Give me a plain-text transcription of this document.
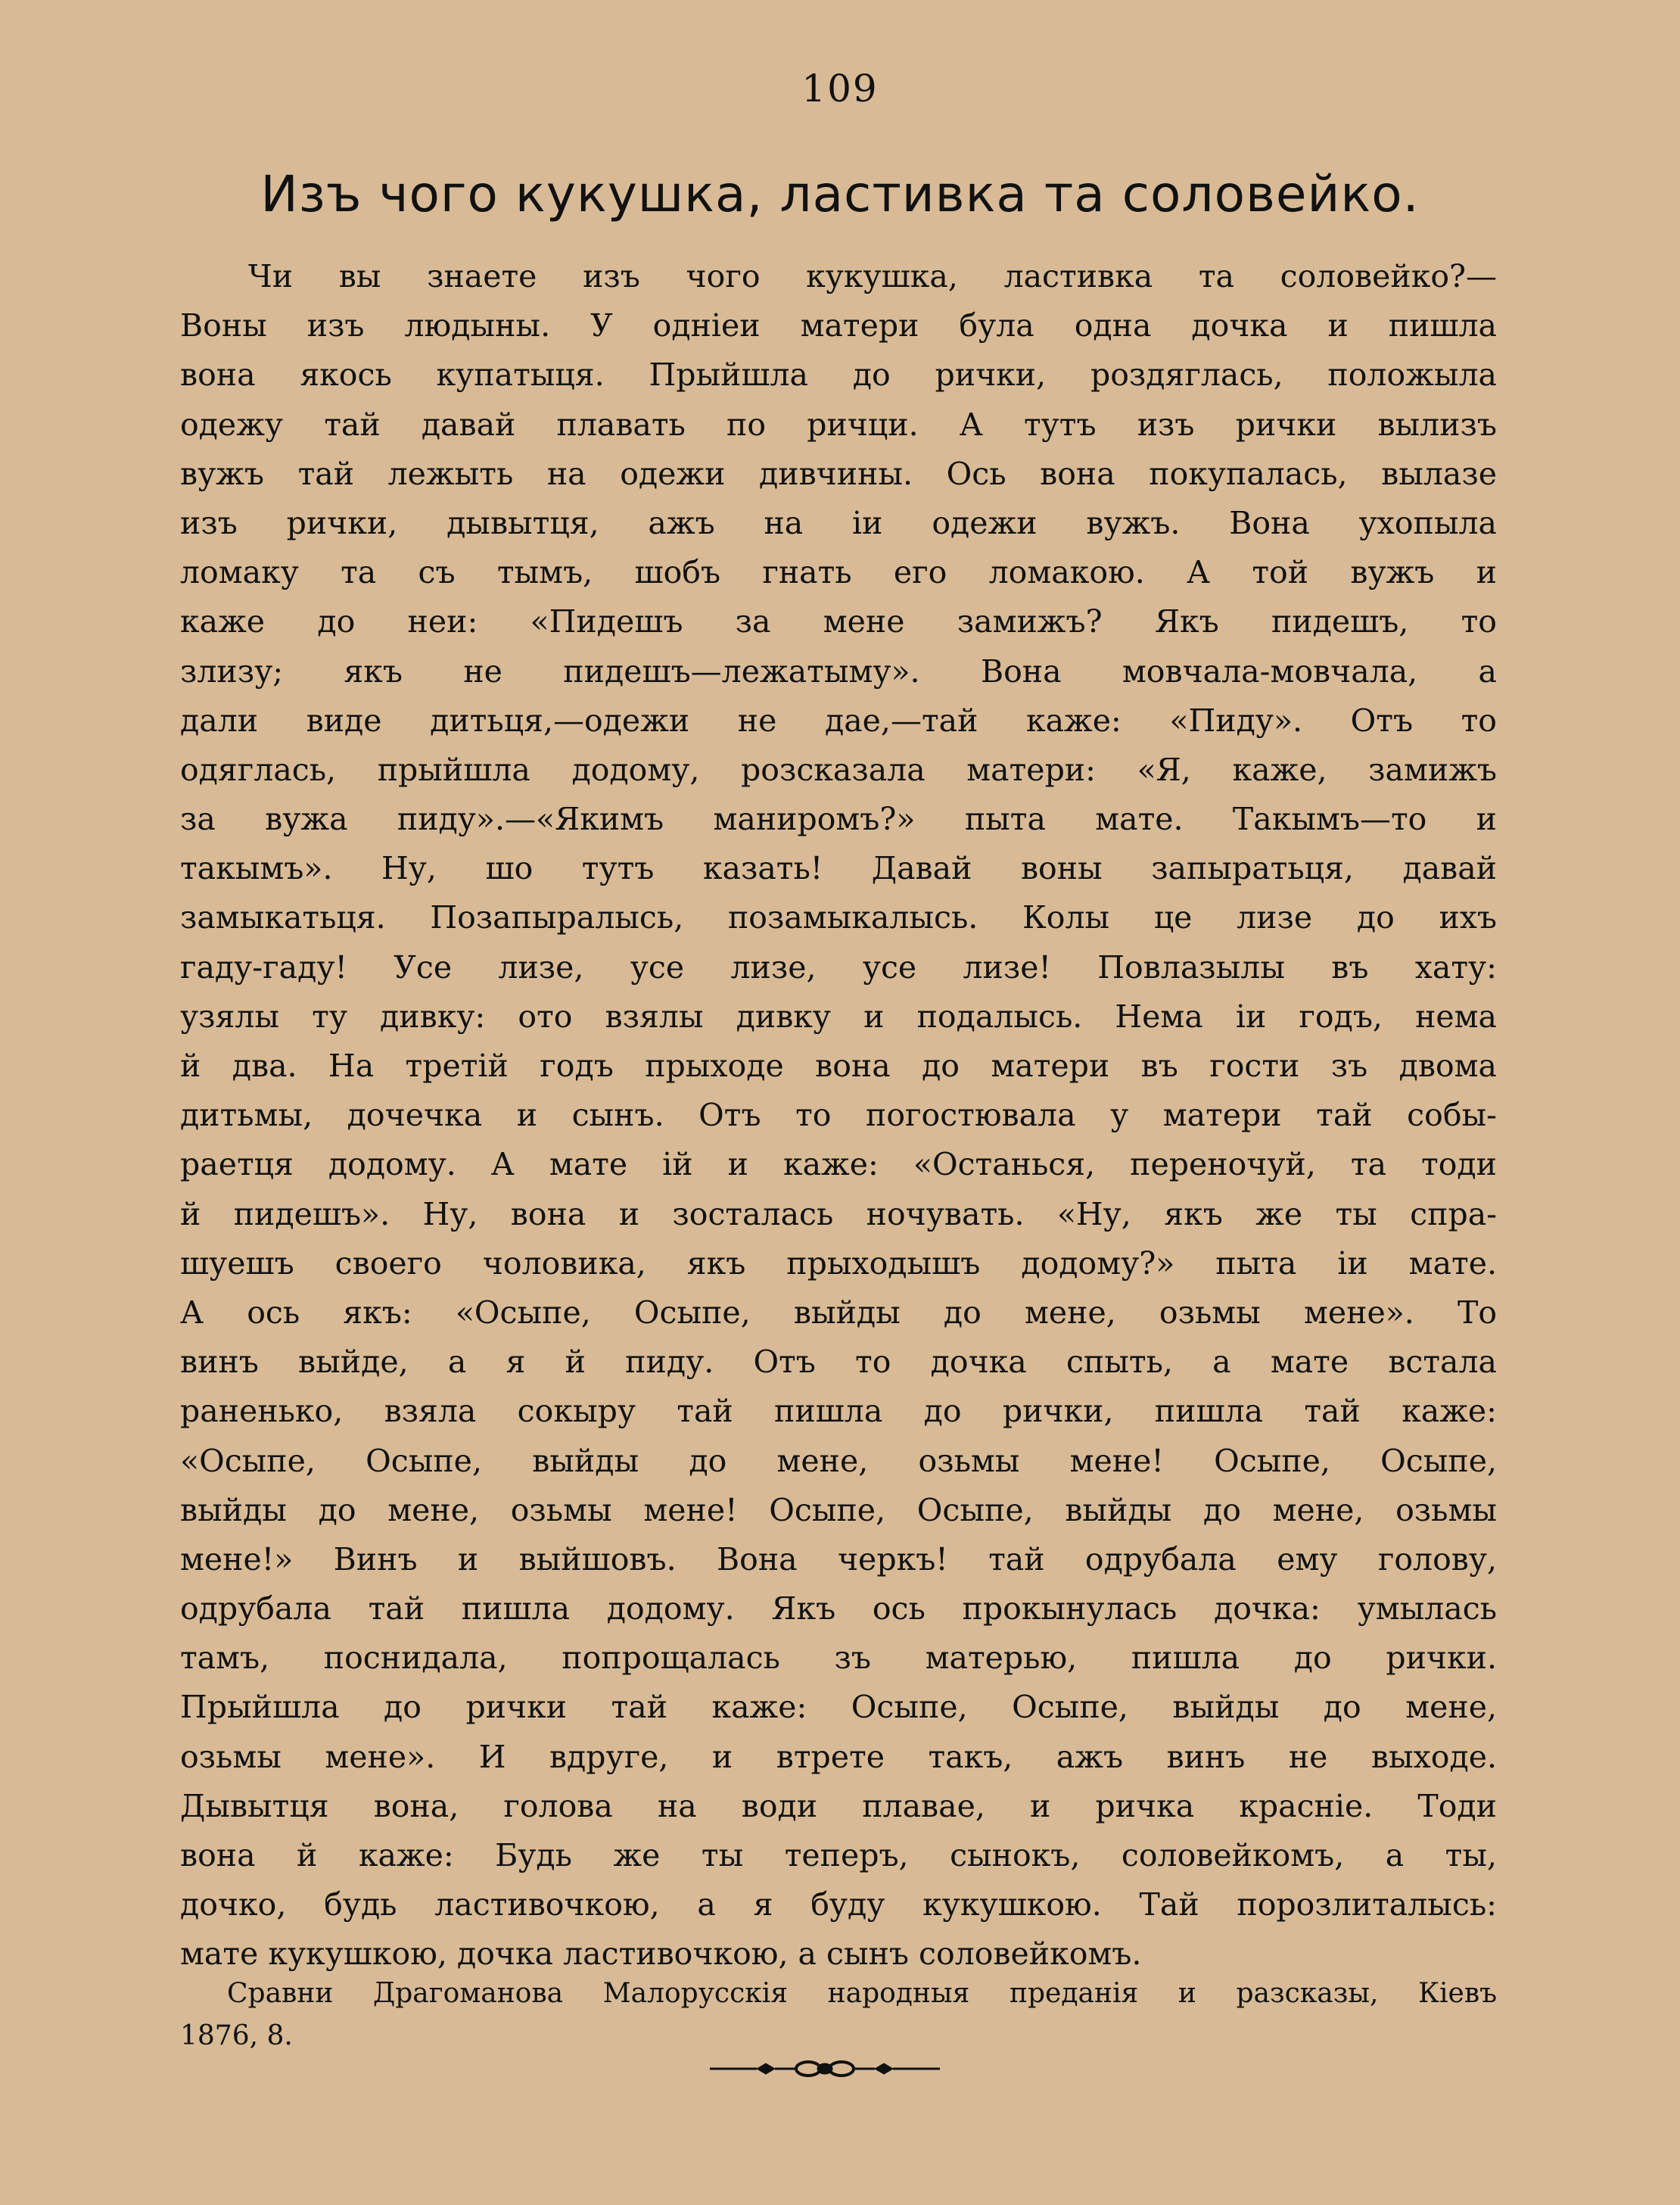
109
Изъ чого кукушка, ластивка та соловейко.
Чи вы знаете изъ чого кукушка, ластивка та соловейко?—
Воны изъ людыны. У однiеи матери була одна дочка и пишла
вона якось купатыця. Прыйшла до рички, роздяглась, положыла
одежу тай давай плавать по ричци. А тутъ изъ рички вылизъ
вужъ тай лежыть на одежи дивчины. Ось вона покупалась, вылазе
изъ рички, дывытця, ажъ на іи одежи вужъ. Вона ухопыла
ломаку та съ тымъ, шобъ гнать его ломакою. А той вужъ и
каже до неи: «Пидешъ за мене замижъ? Якъ пидешъ, то
злизу; якъ не пидешъ—лежатыму». Вона мовчала-мовчала, а
дали виде дитьця,—одежи не дае,—тай каже: «Пиду». Отъ то
одяглась, прыйшла додому, розсказала матери: «Я, каже, замижъ
за вужа пиду».—«Якимъ маниромъ?» пыта мате. Такымъ—то и
такымъ». Ну, шо тутъ казать! Давай воны запыратьця, давай
замыкатьця. Позапыралысь, позамыкалысь. Колы це лизе до ихъ
гаду-гаду! Усе лизе, усе лизе, усе лизе! Повлазылы въ хату:
узялы ту дивку: ото взялы дивку и подалысь. Нема іи годъ, нема
й два. На третій годъ прыходе вона до матери въ гости зъ двома
дитьмы, дочечка и сынъ. Отъ то погостювала у матери тай собы-
раетця додому. А мате ій и каже: «Останься, переночуй, та тоди
й пидешъ». Ну, вона и зосталась ночувать. «Ну, якъ же ты спра-
шуешъ своего чоловика, якъ прыходышъ додому?» пыта іи мате.
А ось якъ: «Осыпе, Осыпе, выйды до мене, озьмы мене». То
винъ выйде, а я й пиду. Отъ то дочка спыть, а мате встала
раненько, взяла сокыру тай пишла до рички, пишла тай каже:
«Осыпе, Осыпе, выйды до мене, озьмы мене! Осыпе, Осыпе,
выйды до мене, озьмы мене! Осыпе, Осыпе, выйды до мене, озьмы
мене!» Винъ и выйшовъ. Вона черкъ! тай одрубала ему голову,
одрубала тай пишла додому. Якъ ось прокынулась дочка: умылась
тамъ, поснидала, попрощалась зъ матерью, пишла до рички.
Прыйшла до рички тай каже: Осыпе, Осыпе, выйды до мене,
озьмы мене». И вдруге, и втрете такъ, ажъ винъ не выходе.
Дывытця вона, голова на води плавае, и ричка краснiе. Тоди
вона й каже: Будь же ты теперъ, сынокъ, соловейкомъ, а ты,
дочко, будь ластивочкою, а я буду кукушкою. Тай порозлиталысь:
мате кукушкою, дочка ластивочкою, а сынъ соловейкомъ.
Сравни Драгоманова Малорусскія народныя преданія и разсказы, Кіевъ
1876, 8.
